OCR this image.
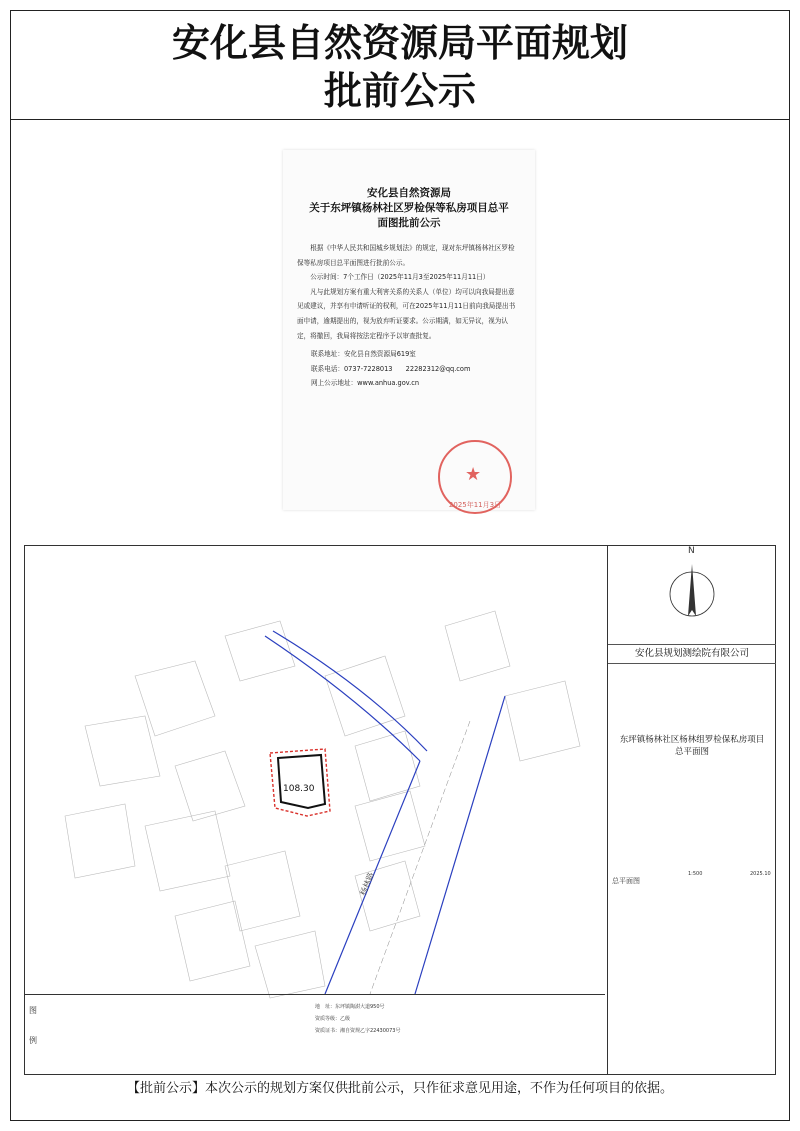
安化县自然资源局平面规划
批前公示
安化县自然资源局
关于东坪镇杨林社区罗检保等私房项目总平
面图批前公示

根据《中华人民共和国城乡规划法》的规定，现对东坪镇杨林社区罗检保等私房项目总平面图进行批前公示。

公示时间：7个工作日（2025年11月3至2025年11月11日）

凡与此规划方案有重大利害关系的关系人（单位）均可以向我局提出意见或建议，并享有申请听证的权利，可在2025年11月11日前向我局提出书面申请，逾期提出的，视为放弃听证要求。公示期满，如无异议，视为认定，将撤回，我局将按法定程序予以审查批复。

联系地址：安化县自然资源局619室
联系电话：0737-7228013　　22282312@qq.com
网上公示地址：www.anhua.gov.cn
★
2025年11月3日
108.30
杨林路
N
安化县规划测绘院有限公司
东坪镇杨林社区杨林组罗检保私房项目
总平面图
总平面图
1:500	2025.10
图
例
地　址：东坪镇陶澍大道950号
资质等级：乙级
资质证书：湘自资规乙字22430073号
【批前公示】本次公示的规划方案仅供批前公示，只作征求意见用途，不作为任何项目的依据。
